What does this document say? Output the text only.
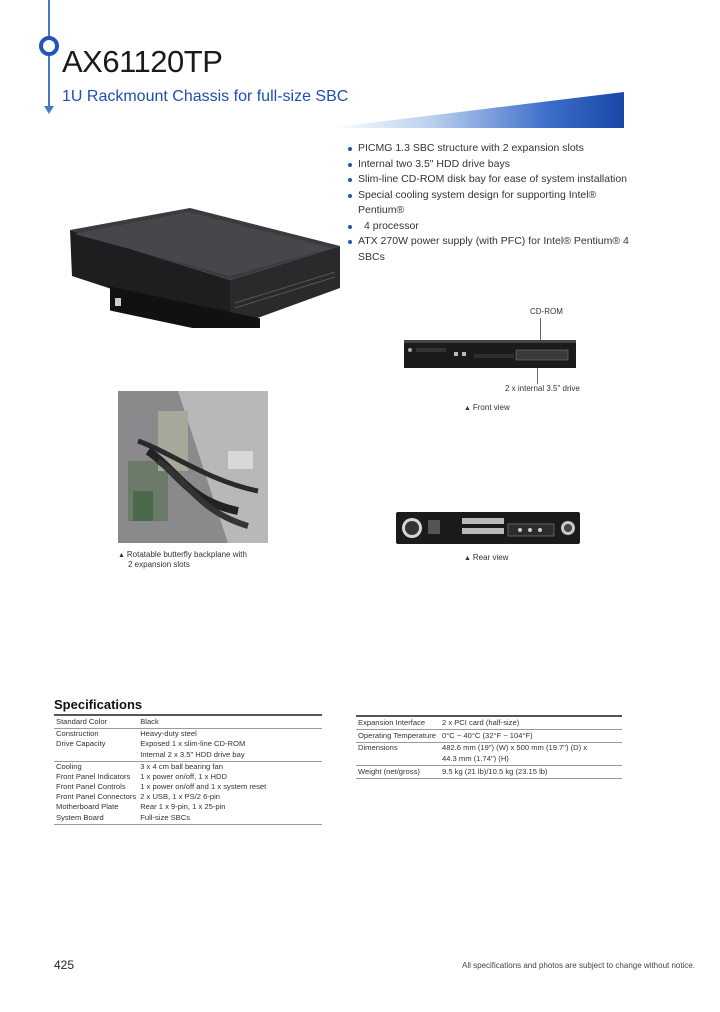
AX61120TP
1U Rackmount Chassis for full-size SBC
PICMG 1.3 SBC structure with 2 expansion slots
Internal two 3.5" HDD drive bays
Slim-line CD-ROM disk bay for ease of system installation
Special cooling system design for supporting Intel® Pentium®
4 processor
ATX 270W power supply (with PFC) for Intel® Pentium® 4 SBCs
CD-ROM
2 x internal 3.5" drive
▲ Front view
▲ Rotatable butterfly backplane with
2 expansion slots
▲ Rear view
Specifications
Standard Color	Black
Construction	Heavy-duty steel
Drive Capacity	Exposed 1 x slim-line CD-ROM
	Internal 2 x 3.5" HDD drive bay
Cooling	3 x 4 cm ball bearing fan
Front Panel Indicators	1 x power on/off, 1 x HDD
Front Panel Controls	1 x power on/off and 1 x system reset
Front Panel Connectors	2 x USB, 1 x PS/2 6-pin
Motherboard Plate	Rear 1 x 9-pin, 1 x 25-pin
System Board	Full-size SBCs
Expansion Interface	2 x PCI card (half-size)
Operating Temperature	0°C ~ 40°C (32°F ~ 104°F)
Dimensions	482.6 mm (19") (W) x 500 mm (19.7") (D) x
	44.3 mm (1.74") (H)
Weight (net/gross)	9.5 kg (21 lb)/10.5 kg (23.15 lb)
425	All specifications and photos are subject to change without notice.
